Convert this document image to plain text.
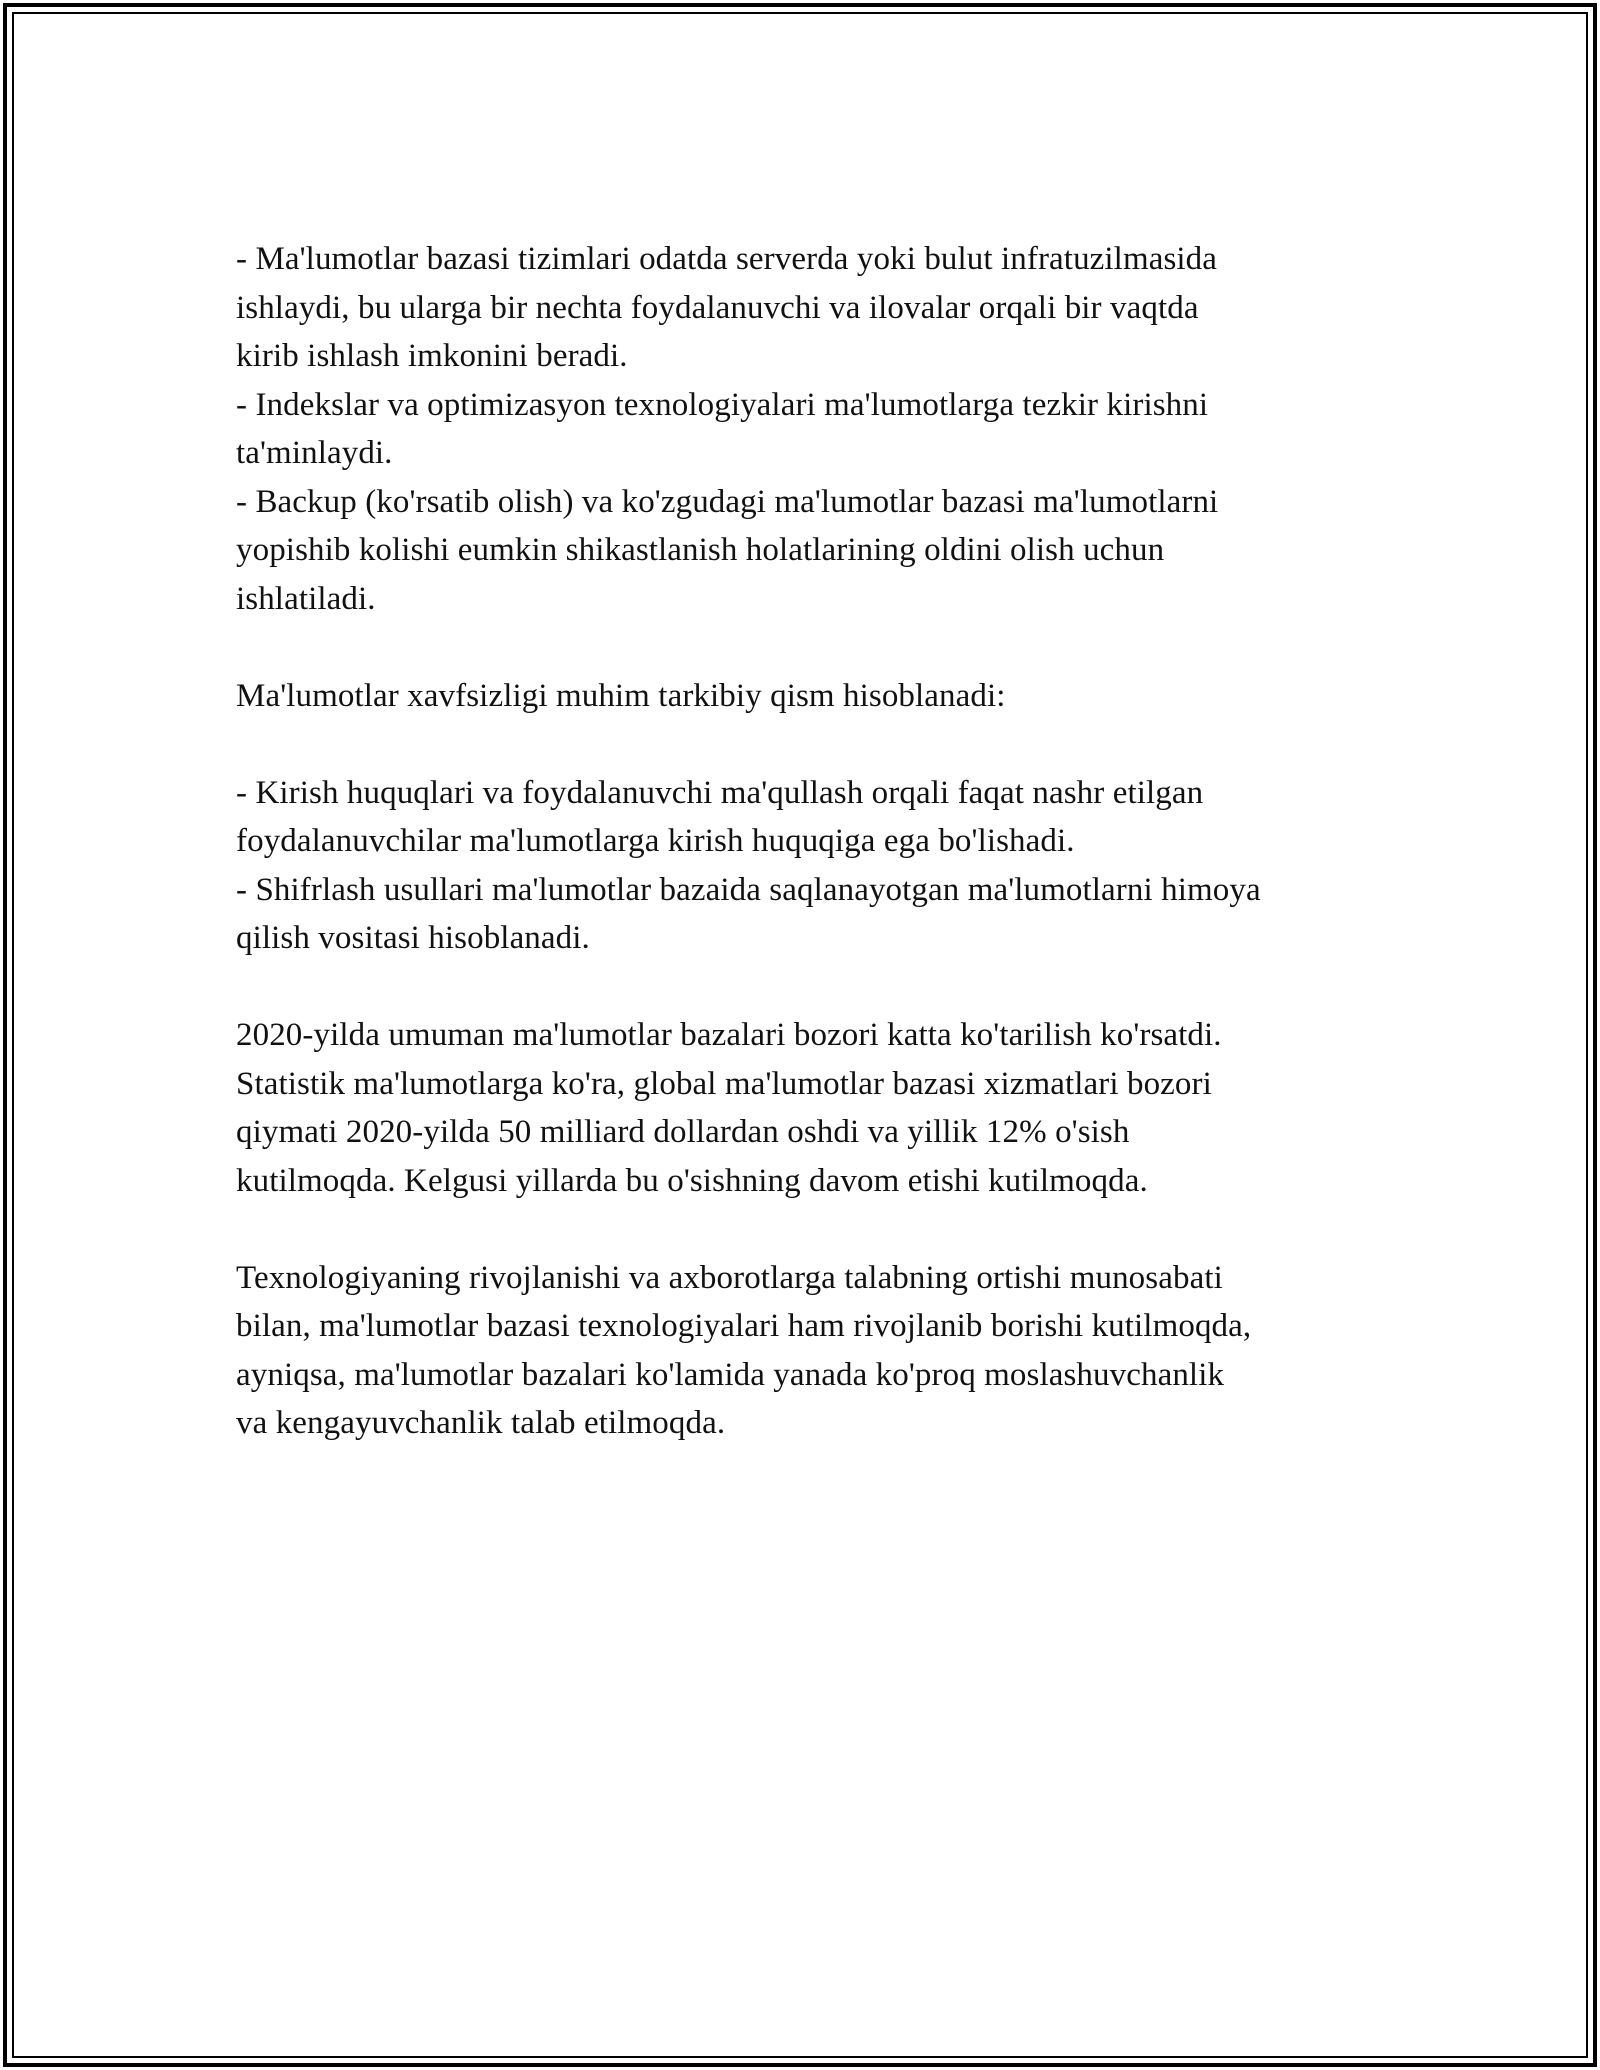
- Ma'lumotlar bazasi tizimlari odatda serverda yoki bulut infratuzilmasida
ishlaydi, bu ularga bir nechta foydalanuvchi va ilovalar orqali bir vaqtda
kirib ishlash imkonini beradi.
- Indekslar va optimizasyon texnologiyalari ma'lumotlarga tezkir kirishni
ta'minlaydi.
- Backup (ko'rsatib olish) va ko'zgudagi ma'lumotlar bazasi ma'lumotlarni
yopishib kolishi eumkin shikastlanish holatlarining oldini olish uchun
ishlatiladi.

Ma'lumotlar xavfsizligi muhim tarkibiy qism hisoblanadi:

- Kirish huquqlari va foydalanuvchi ma'qullash orqali faqat nashr etilgan
foydalanuvchilar ma'lumotlarga kirish huquqiga ega bo'lishadi.
- Shifrlash usullari ma'lumotlar bazaida saqlanayotgan ma'lumotlarni himoya
qilish vositasi hisoblanadi.

2020-yilda umuman ma'lumotlar bazalari bozori katta ko'tarilish ko'rsatdi.
Statistik ma'lumotlarga ko'ra, global ma'lumotlar bazasi xizmatlari bozori
qiymati 2020-yilda 50 milliard dollardan oshdi va yillik 12% o'sish
kutilmoqda. Kelgusi yillarda bu o'sishning davom etishi kutilmoqda.

Texnologiyaning rivojlanishi va axborotlarga talabning ortishi munosabati
bilan, ma'lumotlar bazasi texnologiyalari ham rivojlanib borishi kutilmoqda,
ayniqsa, ma'lumotlar bazalari ko'lamida yanada ko'proq moslashuvchanlik
va kengayuvchanlik talab etilmoqda.
